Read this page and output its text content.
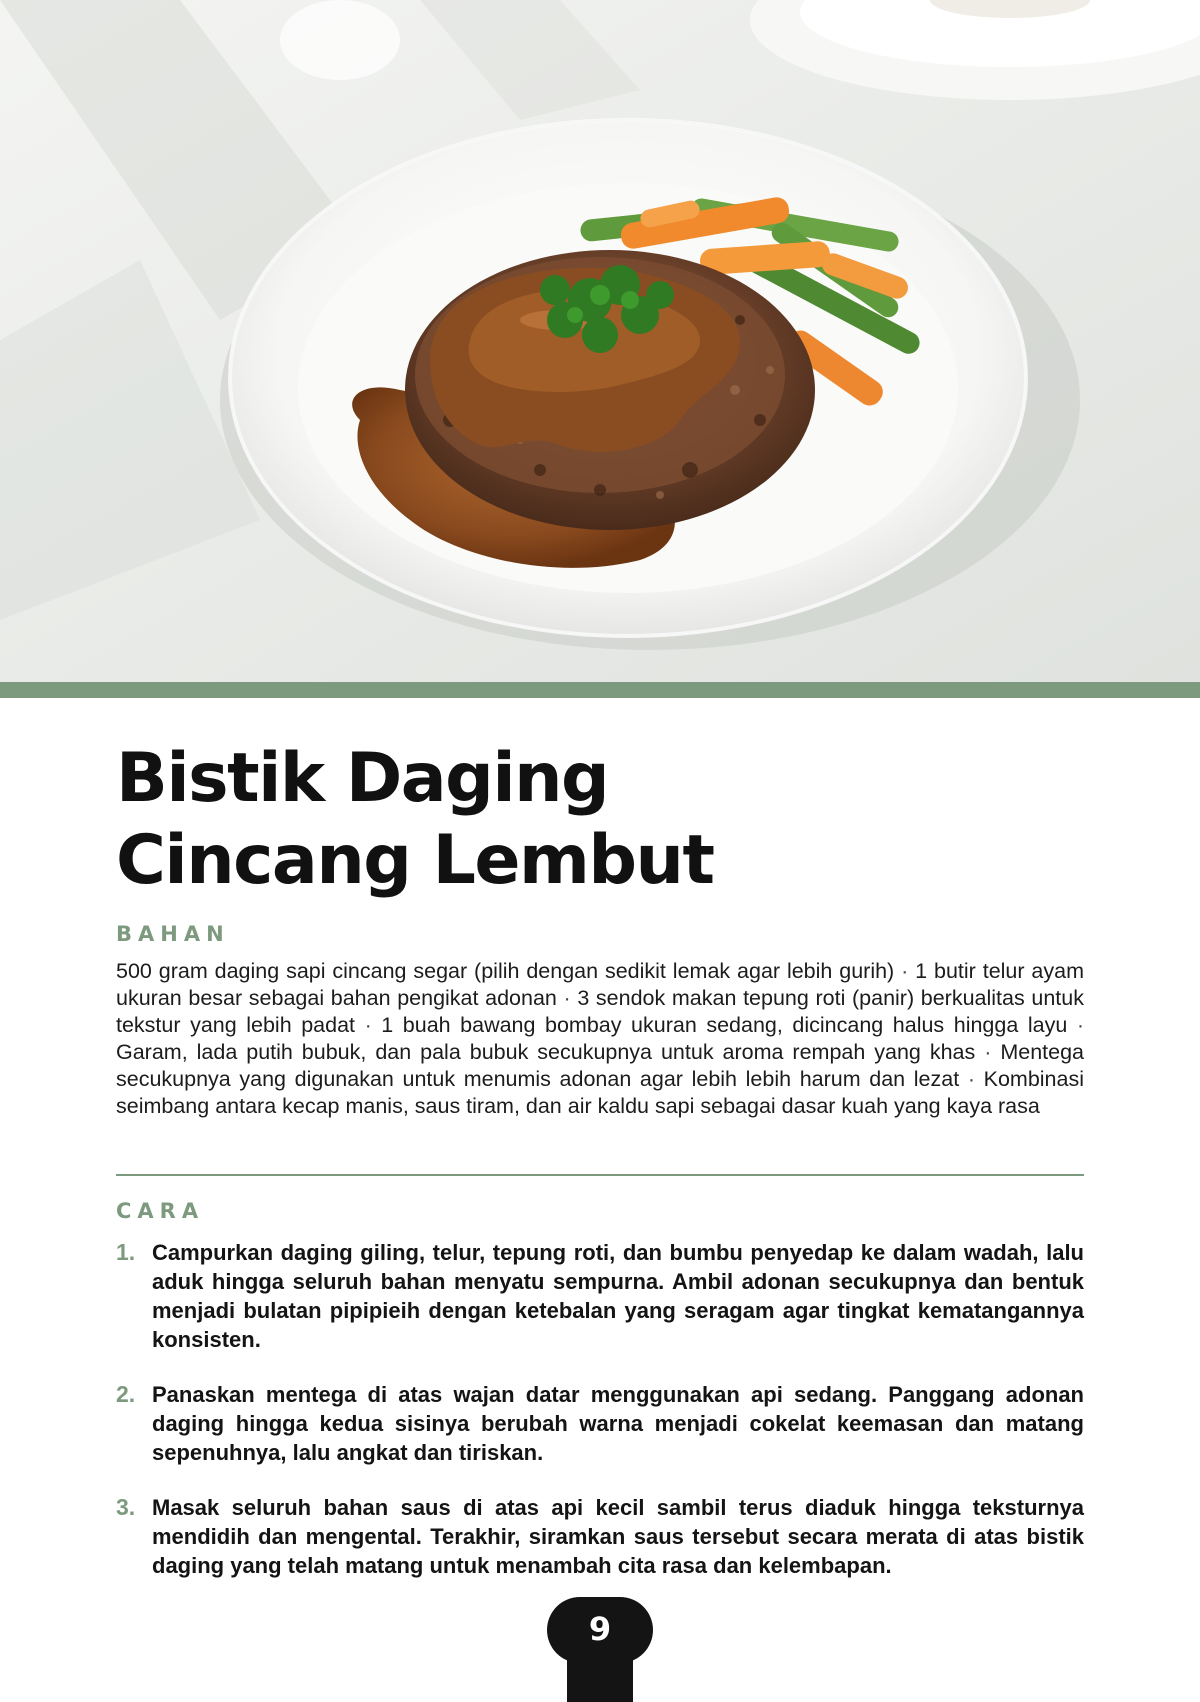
Bistik Daging
Cincang Lembut
BAHAN

500 gram daging sapi cincang segar (pilih dengan sedikit lemak agar lebih gurih) · 1 butir telur ayam ukuran besar sebagai bahan pengikat adonan · 3 sendok makan tepung roti (panir) berkualitas untuk tekstur yang lebih padat · 1 buah bawang bombay ukuran sedang, dicincang halus hingga layu · Garam, lada putih bubuk, dan pala bubuk secukupnya untuk aroma rempah yang khas · Mentega secukupnya yang digunakan untuk menumis adonan agar lebih lebih harum dan lezat · Kombinasi seimbang antara kecap manis, saus tiram, dan air kaldu sapi sebagai dasar kuah yang kaya rasa

CARA
1. Campurkan daging giling, telur, tepung roti, dan bumbu penyedap ke dalam wadah, lalu aduk hingga seluruh bahan menyatu sempurna. Ambil adonan secukupnya dan bentuk menjadi bulatan pipipieih dengan ketebalan yang seragam agar tingkat kematangannya konsisten.
2. Panaskan mentega di atas wajan datar menggunakan api sedang. Panggang adonan daging hingga kedua sisinya berubah warna menjadi cokelat keemasan dan matang sepenuhnya, lalu angkat dan tiriskan.
3. Masak seluruh bahan saus di atas api kecil sambil terus diaduk hingga teksturnya mendidih dan mengental. Terakhir, siramkan saus tersebut secara merata di atas bistik daging yang telah matang untuk menambah cita rasa dan kelembapan.
9
